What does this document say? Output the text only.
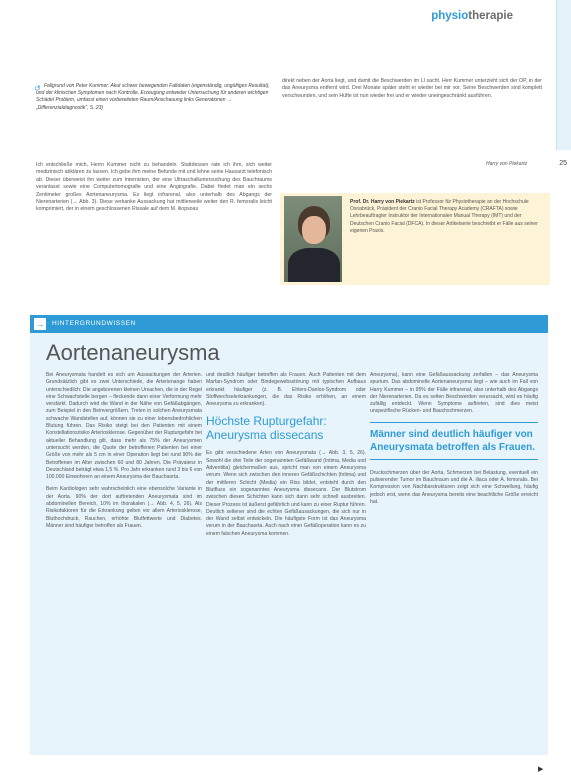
physiotherapie
25
↺ Fallgrund von Peter Kummer: Akut schwer bewegenden Faltdaten (eigenständig, ungültiges Resultat), und der klinischen Symptomen nach Kontrolle. Erzeugung entweder Untersuchung für anderen wichtigen Schädel Problem, umfasst einen vorbereiteten Raum/Anschauung links Generationen → „Differenzialdiagnostik", S. 23)

Ich entschließe mich, Herrn Kummer nicht zu behandeln. Stattdessen rate ich ihm, sich weiter medizinisch abklären zu lassen. Ich gebe ihm meine Befunde mit und lehne seine Hausarzt telefonisch ab. Dieser überweist ihn weiter zum Internisten, der eine Ultraschalluntersuchung des Bauchraums veranlasst sowie eine Computertomografie und eine Angiografie. Dabei findet man ein sechs Zentimeter großes Aortenaneurysma. Es liegt infrarenal, also unterhalb des Abgangs der Nierenarterien (→ Abb. 3). Diese verkanke Aussackung hat mittlerweile weiter den R. femoralis leicht komprimiert, der in einem geschlossenen Rissale auf dem M. iliopsoas

direkt neben der Aorta liegt, und damit die Beschwerden im LI sacht. Herr Kummer unterzieht sich der OP, in der das Aneurysma entfernt wird. Drei Monate später steht er wieder bei mir vor. Seine Beschwerden sind komplett verschwunden, und sein Hüfte ist nun wieder frei und er wieder uneingeschränkt ausführen.

Harry von Piekartz
Prof. Dr. Harry von Piekartz ist Professor für Physiotherapie an der Hochschule Osnabrück, Präsident der Cranio Facial Therapy Academy (CRAFTA) sowie Lehrbeauftragter Instruktor der Internationalen Manual Therapy (IMT) und der Deutschen Cranio Facial (DFCA). In dieser Artikelserie beschreibt er Fälle aus seiner eigenen Praxis.
→ HINTERGRUNDWISSEN
Aortenaneurysma

Bei Aneurysmata handelt es sich um Aussackungen der Arterien. Grundsätzlich gibt es zwei Unterschiede, die Arterienange haben unterschiedlich: Die angeborenen kleinen Ursachen, die in der Regel eine Schwachstelle bergen – fleckende dann einer Verformung mehr verstärkt. Dadurch wird die Wand in der Nähe von Gefäßabgängen, zum Beispiel in den Beinvergrößern. Treten in solchen Aneurysmata schwache Wandstellen auf, können sie zu einer lebensbedrohlichen Blutung führen. Das Risiko steigt bei den Patienten mit einem Konstellationsrisiko Arteriosklerose. Gegenüber der Rupturgefahr bei aktueller Behandlung gilt, dass mehr als 75% der Aneurysmen untersucht werden, die Quote der betroffenen Patienten bei einer Größe von mehr als 5 cm in einer Operation liegt bei rund 90% der Betroffenen im Alter zwischen 60 und 80 Jahren. Die Prävalenz in Deutschland beträgt etwa 1,5 %. Pro Jahr erkranken rund 3 bis 6 von 100.000 Einwohnern an einem Aneurysma der Bauchaorta.

Beim Kardiologen sehr wahrscheinlich eine ebensolche Variante in der Aorta. 90% der dort auftretenden Aneurysmata sind im abdominellen Bereich, 10% im thorakalen (→ Abb. 4, 5, 26). Als Risikofaktoren für die Erkrankung gelten vor allem Arteriosklerose, Bluthochdruck, Rauchen, erhöhte Blutfettwerte und Diabetes. Männer sind häufiger betroffen als Frauen.

und deutlich häufiger betroffen als Frauen. Auch Patienten mit dem Marfan-Syndrom oder Bindegewebsstörung mit typischen Aufbaus erkrankt häufiger (z. B. Ehlers-Danlos-Syndrom oder Stoffwechselerkrankungen, die das Risiko erhöhen, an einem Aneurysma zu erkranken).

Höchste Rupturgefahr: Aneurysma dissecans

Es gibt verschiedene Arten von Aneurysmata (→ Abb. 3, 5, 26). Sowohl die drei Teile der sogenannten Gefäßwand (Intima, Media und Adventitia) gleichermaßen aus, spricht man von einem Aneurysma verum. Wenn sich zwischen den inneren Gefäßschichten (Intima) und der mittleren Schicht (Media) ein Riss bildet, entsteht durch den Blutfluss ein sogenanntes Aneurysma dissecans. Der Blutstrom zwischen diesen Schichten kann sich dann sehr schnell ausbreiten. Dieser Prozess ist äußerst gefährlich und kann zu einer Ruptur führen. Deutlich seltener sind die echten Gefäßausackungen, die sich nur in der Wand selbst entwickeln. Die häufigste Form ist das Aneurysma verum in der Bauchaorta. Auch nach einer Gefäßoperation kann es zu einem falschen Aneurysma kommen.

Aneurysma), kann eine Gefäßaussackung zerfallen – das Aneurysma spurium. Das abdominelle Aortenaneurysma liegt – wie auch im Fall von Harry Kummer – in 95% der Fälle infrarenal, also unterhalb des Abgangs der Nierenarterien. Da es selten Beschwerden verursacht, wird es häufig zufällig entdeckt. Wenn Symptome auftreten, sind dies meist unspezifische Rücken- und Bauchschmerzen.

Männer sind deutlich häufiger von Aneurysmata betroffen als Frauen.

Druckschmerzen über der Aorta, Schmerzen bei Belastung, eventuell ein pulsierender Tumor im Bauchraum und die A. iliaca oder A. femoralis. Bei Kompression von Nachbarstrukturen zeigt sich eine Schwellung, häufig jedoch erst, wenn das Aneurysma bereits eine beachtliche Größe erreicht hat.

▶
